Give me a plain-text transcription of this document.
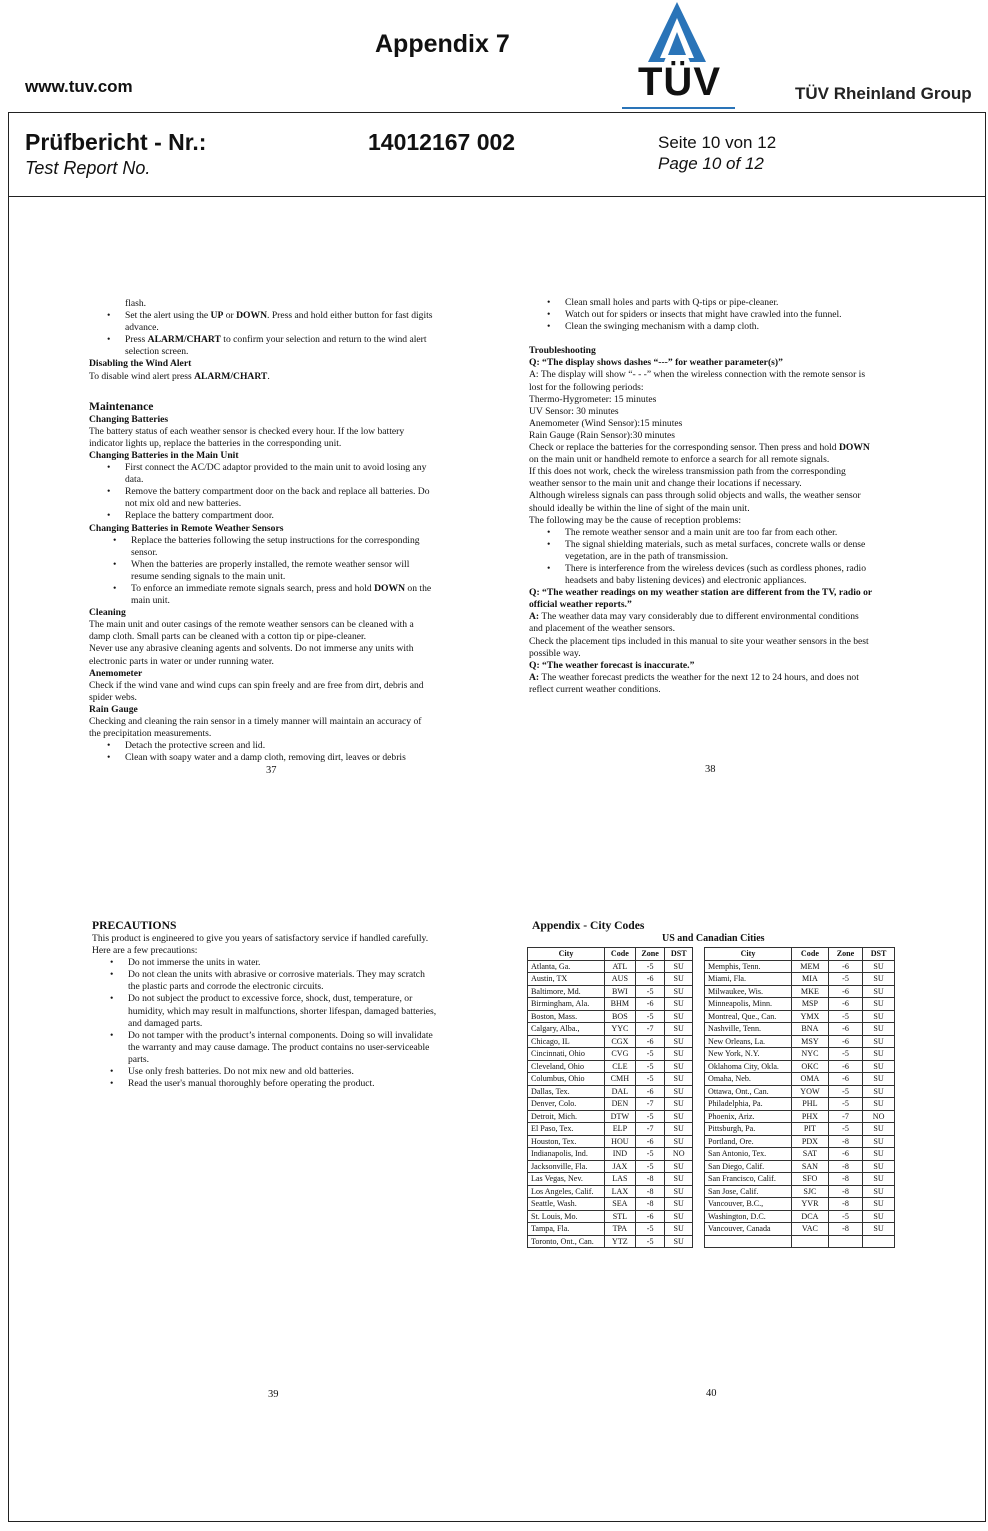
www.tuv.com
Appendix 7
TÜV	TÜV Rheinland Group
Prüfbericht - Nr.:
Test Report No.
14012167 002	Seite 10 von 12
Page 10 of 12

flash.

• Set the alert using the UP or DOWN. Press and hold either button for fast digits

advance.

• Press ALARM/CHART to confirm your selection and return to the wind alert

selection screen.

Disabling the Wind Alert

To disable wind alert press ALARM/CHART.

Maintenance

Changing Batteries

The battery status of each weather sensor is checked every hour. If the low battery

indicator lights up, replace the batteries in the corresponding unit.

Changing Batteries in the Main Unit

• First connect the AC/DC adaptor provided to the main unit to avoid losing any
data.
• Remove the battery compartment door on the back and replace all batteries. Do
not mix old and new batteries.
• Replace the battery compartment door.

Changing Batteries in Remote Weather Sensors

• Replace the batteries following the setup instructions for the corresponding
sensor.
• When the batteries are properly installed, the remote weather sensor will
resume sending signals to the main unit.
• To enforce an immediate remote signals search, press and hold DOWN on the
main unit.

Cleaning

The main unit and outer casings of the remote weather sensors can be cleaned with a

damp cloth. Small parts can be cleaned with a cotton tip or pipe-cleaner.

Never use any abrasive cleaning agents and solvents. Do not immerse any units with

electronic parts in water or under running water.

Anemometer

Check if the wind vane and wind cups can spin freely and are free from dirt, debris and

spider webs.

Rain Gauge

Checking and cleaning the rain sensor in a timely manner will maintain an accuracy of

the precipitation measurements.

• Detach the protective screen and lid.
• Clean with soapy water and a damp cloth, removing dirt, leaves or debris
37
• Clean small holes and parts with Q-tips or pipe-cleaner.
• Watch out for spiders or insects that might have crawled into the funnel.
• Clean the swinging mechanism with a damp cloth.

Troubleshooting

Q: “The display shows dashes “---” for weather parameter(s)”

A: The display will show “- - -” when the wireless connection with the remote sensor is

lost for the following periods:

Thermo-Hygrometer: 15 minutes

UV Sensor: 30 minutes

Anemometer (Wind Sensor):15 minutes

Rain Gauge (Rain Sensor):30 minutes

Check or replace the batteries for the corresponding sensor. Then press and hold DOWN

on the main unit or handheld remote to enforce a search for all remote signals.

If this does not work, check the wireless transmission path from the corresponding

weather sensor to the main unit and change their locations if necessary.

Although wireless signals can pass through solid objects and walls, the weather sensor

should ideally be within the line of sight of the main unit.

The following may be the cause of reception problems:

• The remote weather sensor and a main unit are too far from each other.
• The signal shielding materials, such as metal surfaces, concrete walls or dense
vegetation, are in the path of transmission.
• There is interference from the wireless devices (such as cordless phones, radio
headsets and baby listening devices) and electronic appliances.

Q: “The weather readings on my weather station are different from the TV, radio or

official weather reports.”

A: The weather data may vary considerably due to different environmental conditions

and placement of the weather sensors.

Check the placement tips included in this manual to site your weather sensors in the best

possible way.

Q: “The weather forecast is inaccurate.”

A: The weather forecast predicts the weather for the next 12 to 24 hours, and does not

reflect current weather conditions.

38

PRECAUTIONS

This product is engineered to give you years of satisfactory service if handled carefully.

Here are a few precautions:

• Do not immerse the units in water.
• Do not clean the units with abrasive or corrosive materials. They may scratch
the plastic parts and corrode the electronic circuits.
• Do not subject the product to excessive force, shock, dust, temperature, or
humidity, which may result in malfunctions, shorter lifespan, damaged batteries,
and damaged parts.
• Do not tamper with the product’s internal components. Doing so will invalidate
the warranty and may cause damage. The product contains no user-serviceable
parts.
• Use only fresh batteries. Do not mix new and old batteries.
• Read the user's manual thoroughly before operating the product.
39
Appendix - City Codes
US and Canadian Cities
City	Code	Zone	DST
Atlanta, Ga.	ATL	-5	SU
Austin, TX	AUS	-6	SU
Baltimore, Md.	BWI	-5	SU
Birmingham, Ala.	BHM	-6	SU
Boston, Mass.	BOS	-5	SU
Calgary, Alba.,	YYC	-7	SU
Chicago, IL	CGX	-6	SU
Cincinnati, Ohio	CVG	-5	SU
Cleveland, Ohio	CLE	-5	SU
Columbus, Ohio	CMH	-5	SU
Dallas, Tex.	DAL	-6	SU
Denver, Colo.	DEN	-7	SU
Detroit, Mich.	DTW	-5	SU
El Paso, Tex.	ELP	-7	SU
Houston, Tex.	HOU	-6	SU
Indianapolis, Ind.	IND	-5	NO
Jacksonville, Fla.	JAX	-5	SU
Las Vegas, Nev.	LAS	-8	SU
Los Angeles, Calif.	LAX	-8	SU
Seattle, Wash.	SEA	-8	SU
St. Louis, Mo.	STL	-6	SU
Tampa, Fla.	TPA	-5	SU
Toronto, Ont., Can.	YTZ	-5	SU
City	Code	Zone	DST
Memphis, Tenn.	MEM	-6	SU
Miami, Fla.	MIA	-5	SU
Milwaukee, Wis.	MKE	-6	SU
Minneapolis, Minn.	MSP	-6	SU
Montreal, Que., Can.	YMX	-5	SU
Nashville, Tenn.	BNA	-6	SU
New Orleans, La.	MSY	-6	SU
New York, N.Y.	NYC	-5	SU
Oklahoma City, Okla.	OKC	-6	SU
Omaha, Neb.	OMA	-6	SU
Ottawa, Ont., Can.	YOW	-5	SU
Philadelphia, Pa.	PHL	-5	SU
Phoenix, Ariz.	PHX	-7	NO
Pittsburgh, Pa.	PIT	-5	SU
Portland, Ore.	PDX	-8	SU
San Antonio, Tex.	SAT	-6	SU
San Diego, Calif.	SAN	-8	SU
San Francisco, Calif.	SFO	-8	SU
San Jose, Calif.	SJC	-8	SU
Vancouver, B.C.,	YVR	-8	SU
Washington, D.C.	DCA	-5	SU
Vancouver, Canada	VAC	-8	SU

40
